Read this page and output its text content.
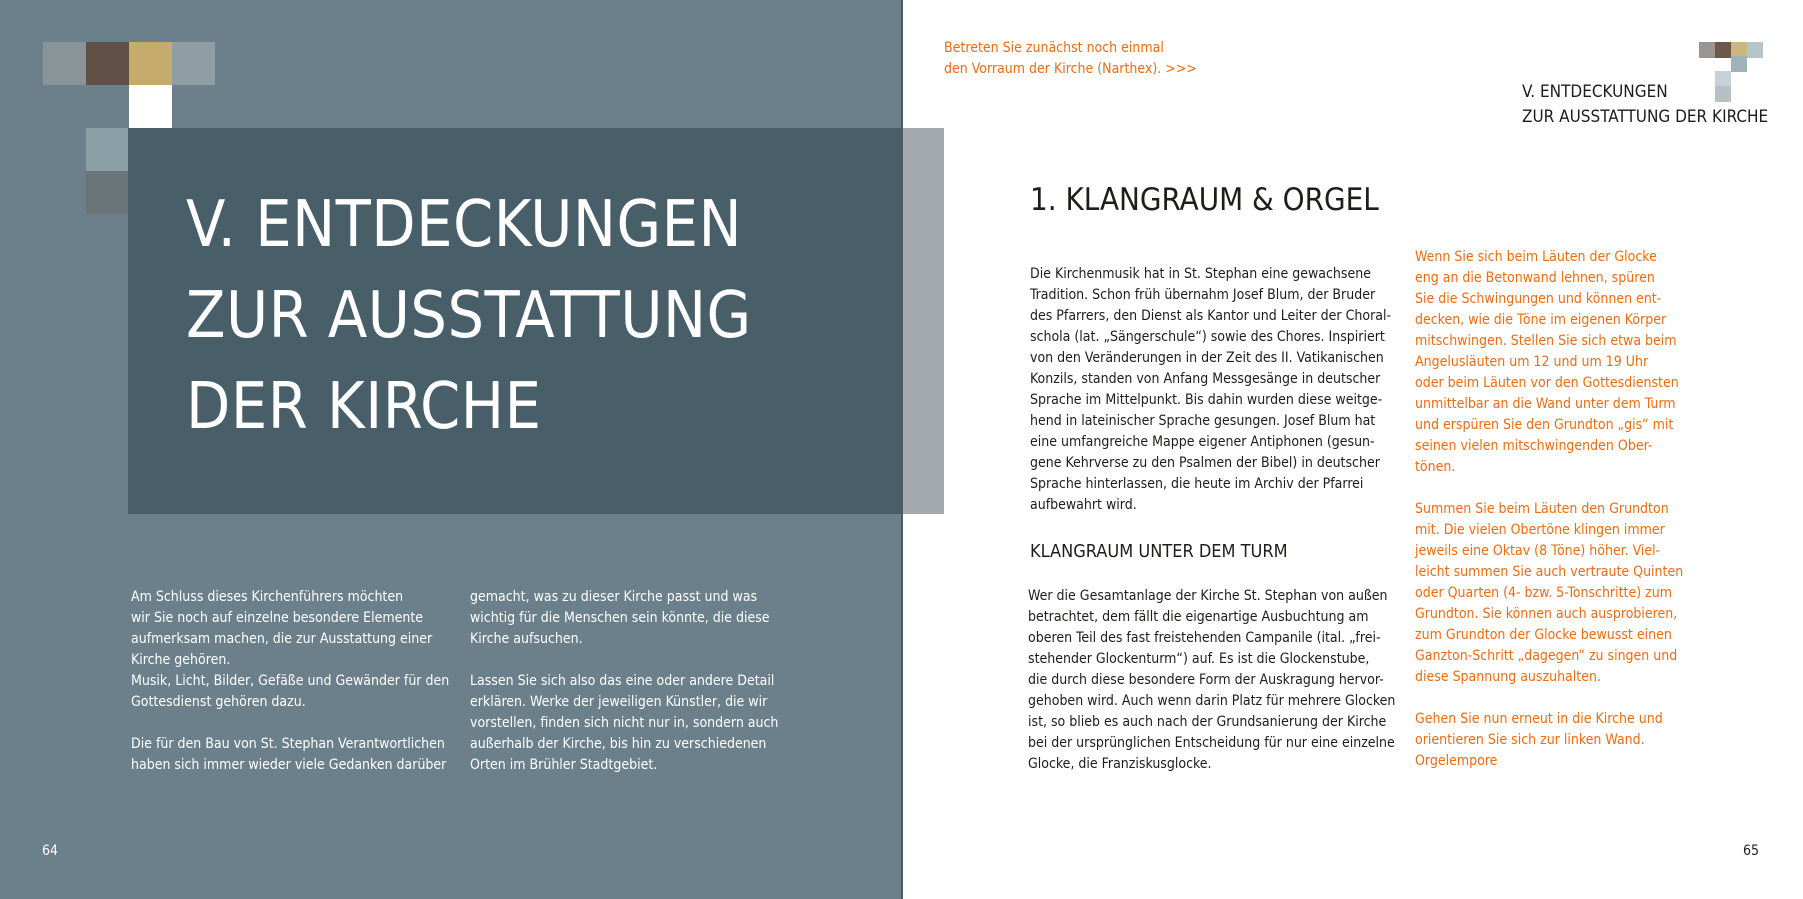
V. ENTDECKUNGEN
ZUR AUSSTATTUNG
DER KIRCHE
Am Schluss dieses Kirchenführers möchten
wir Sie noch auf einzelne besondere Elemente
aufmerksam machen, die zur Ausstattung einer
Kirche gehören.
Musik, Licht, Bilder, Gefäße und Gewänder für den
Gottesdienst gehören dazu.
Die für den Bau von St. Stephan Verantwortlichen
haben sich immer wieder viele Gedanken darüber
gemacht, was zu dieser Kirche passt und was
wichtig für die Menschen sein könnte, die diese
Kirche aufsuchen.
Lassen Sie sich also das eine oder andere Detail
erklären. Werke der jeweiligen Künstler, die wir
vorstellen, finden sich nicht nur in, sondern auch
außerhalb der Kirche, bis hin zu verschiedenen
Orten im Brühler Stadtgebiet.
64
Betreten Sie zunächst noch einmal
den Vorraum der Kirche (Narthex). >>>
V. ENTDECKUNGEN
ZUR AUSSTATTUNG DER KIRCHE
1. KLANGRAUM & ORGEL
Die Kirchenmusik hat in St. Stephan eine gewachsene
Tradition. Schon früh übernahm Josef Blum, der Bruder
des Pfarrers, den Dienst als Kantor und Leiter der Choral-
schola (lat. „Sängerschule“) sowie des Chores. Inspiriert
von den Veränderungen in der Zeit des II. Vatikanischen
Konzils, standen von Anfang Messgesänge in deutscher
Sprache im Mittelpunkt. Bis dahin wurden diese weitge-
hend in lateinischer Sprache gesungen. Josef Blum hat
eine umfangreiche Mappe eigener Antiphonen (gesun-
gene Kehrverse zu den Psalmen der Bibel) in deutscher
Sprache hinterlassen, die heute im Archiv der Pfarrei
aufbewahrt wird.
KLANGRAUM UNTER DEM TURM
Wer die Gesamtanlage der Kirche St. Stephan von außen
betrachtet, dem fällt die eigenartige Ausbuchtung am
oberen Teil des fast freistehenden Campanile (ital. „frei-
stehender Glockenturm“) auf. Es ist die Glockenstube,
die durch diese besondere Form der Auskragung hervor-
gehoben wird. Auch wenn darin Platz für mehrere Glocken
ist, so blieb es auch nach der Grundsanierung der Kirche
bei der ursprünglichen Entscheidung für nur eine einzelne
Glocke, die Franziskusglocke.
Wenn Sie sich beim Läuten der Glocke
eng an die Betonwand lehnen, spüren
Sie die Schwingungen und können ent-
decken, wie die Töne im eigenen Körper
mitschwingen. Stellen Sie sich etwa beim
Angelusläuten um 12 und um 19 Uhr
oder beim Läuten vor den Gottesdiensten
unmittelbar an die Wand unter dem Turm
und erspüren Sie den Grundton „gis“ mit
seinen vielen mitschwingenden Ober-
tönen.
Summen Sie beim Läuten den Grundton
mit. Die vielen Obertöne klingen immer
jeweils eine Oktav (8 Töne) höher. Viel-
leicht summen Sie auch vertraute Quinten
oder Quarten (4- bzw. 5-Tonschritte) zum
Grundton. Sie können auch ausprobieren,
zum Grundton der Glocke bewusst einen
Ganzton-Schritt „dagegen“ zu singen und
diese Spannung auszuhalten.
Gehen Sie nun erneut in die Kirche und
orientieren Sie sich zur linken Wand.
Orgelempore
65
